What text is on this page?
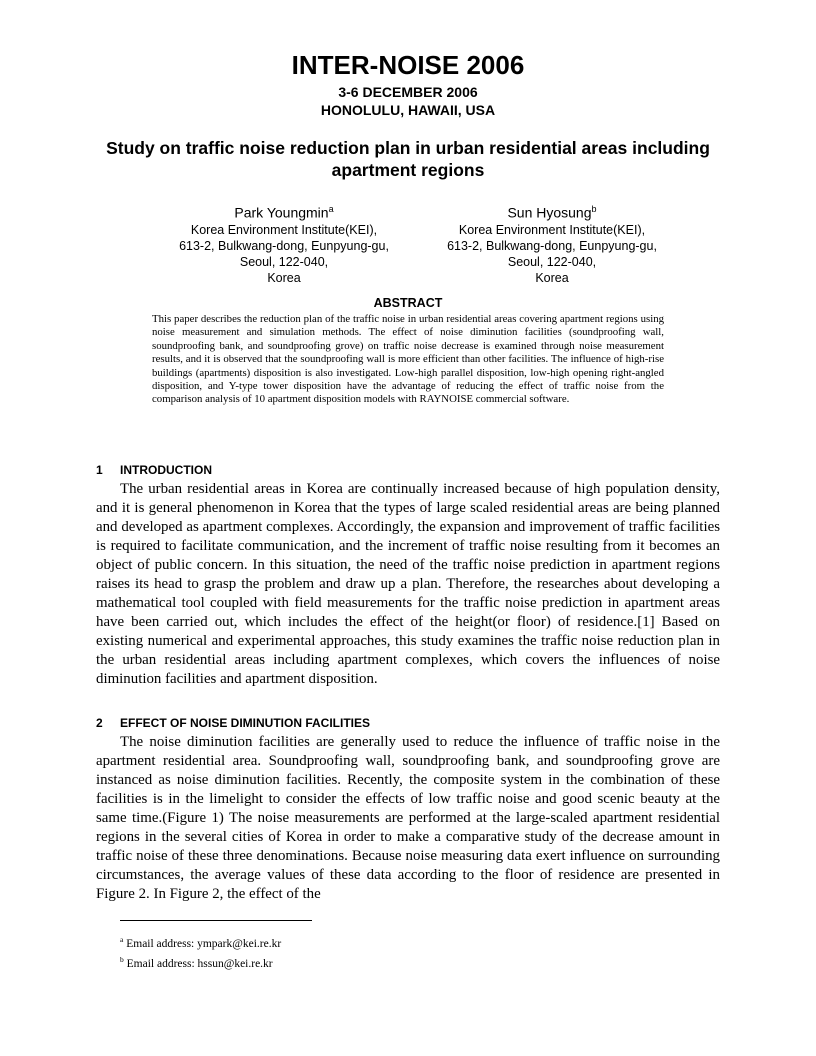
INTER-NOISE 2006
3-6 DECEMBER 2006
HONOLULU, HAWAII, USA
Study on traffic noise reduction plan in urban residential areas including apartment regions
Park Youngmin$^a$
Korea Environment Institute(KEI),
613-2, Bulkwang-dong, Eunpyung-gu,
Seoul, 122-040,
Korea
Sun Hyosung$^b$
Korea Environment Institute(KEI),
613-2, Bulkwang-dong, Eunpyung-gu,
Seoul, 122-040,
Korea
ABSTRACT
This paper describes the reduction plan of the traffic noise in urban residential areas covering apartment regions using noise measurement and simulation methods. The effect of noise diminution facilities (soundproofing wall, soundproofing bank, and soundproofing grove) on traffic noise decrease is examined through noise measurement results, and it is observed that the soundproofing wall is more efficient than other facilities. The influence of high-rise buildings (apartments) disposition is also investigated. Low-high parallel disposition, low-high opening right-angled disposition, and Y-type tower disposition have the advantage of reducing the effect of traffic noise from the comparison analysis of 10 apartment disposition models with RAYNOISE commercial software.
1 INTRODUCTION
The urban residential areas in Korea are continually increased because of high population density, and it is general phenomenon in Korea that the types of large scaled residential areas are being planned and developed as apartment complexes. Accordingly, the expansion and improvement of traffic facilities is required to facilitate communication, and the increment of traffic noise resulting from it becomes an object of public concern. In this situation, the need of the traffic noise prediction in apartment regions raises its head to grasp the problem and draw up a plan. Therefore, the researches about developing a mathematical tool coupled with field measurements for the traffic noise prediction in apartment areas have been carried out, which includes the effect of the height(or floor) of residence.[1] Based on existing numerical and experimental approaches, this study examines the traffic noise reduction plan in the urban residential areas including apartment complexes, which covers the influences of noise diminution facilities and apartment disposition.
2 EFFECT OF NOISE DIMINUTION FACILITIES
The noise diminution facilities are generally used to reduce the influence of traffic noise in the apartment residential area. Soundproofing wall, soundproofing bank, and soundproofing grove are instanced as noise diminution facilities. Recently, the composite system in the combination of these facilities is in the limelight to consider the effects of low traffic noise and good scenic beauty at the same time.(Figure 1) The noise measurements are performed at the large-scaled apartment residential regions in the several cities of Korea in order to make a comparative study of the decrease amount in traffic noise of these three denominations. Because noise measuring data exert influence on surrounding circumstances, the average values of these data according to the floor of residence are presented in Figure 2. In Figure 2, the effect of the
$^a$ Email address: ympark@kei.re.kr
$^b$ Email address: hssun@kei.re.kr
